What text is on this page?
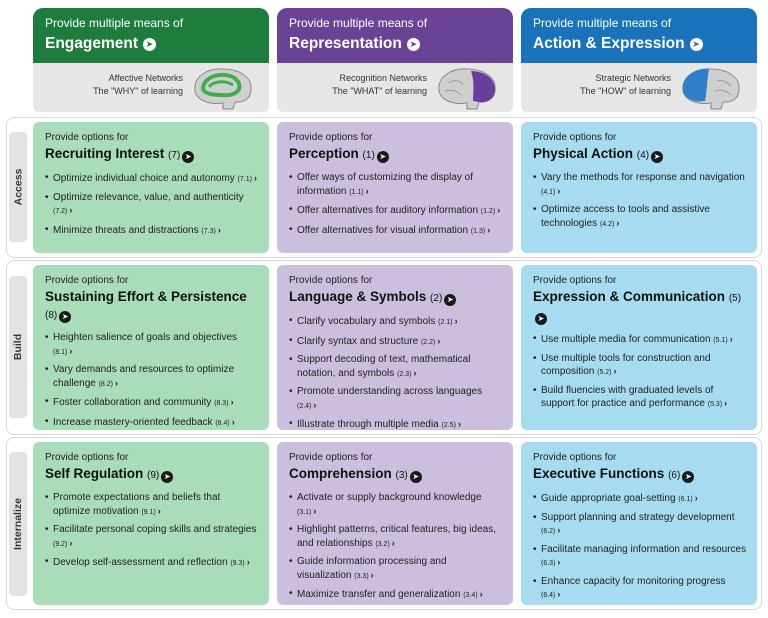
Provide multiple means of
Engagement ➤
Affective Networks
The "WHY" of learning
Provide multiple means of
Representation ➤
Recognition Networks
The "WHAT" of learning
Provide multiple means of
Action & Expression ➤
Strategic Networks
The "HOW" of learning
Access
Build
Internalize
Provide options for
Recruiting Interest (7) ➤
• Optimize individual choice and autonomy (7.1) ›
• Optimize relevance, value, and authenticity (7.2) ›
• Minimize threats and distractions (7.3) ›
Provide options for
Perception (1) ➤
• Offer ways of customizing the display of information (1.1) ›
• Offer alternatives for auditory information (1.2) ›
• Offer alternatives for visual information (1.3) ›
Provide options for
Physical Action (4) ➤
• Vary the methods for response and navigation (4.1) ›
• Optimize access to tools and assistive technologies (4.2) ›
Provide options for
Sustaining Effort & Persistence (8) ➤
• Heighten salience of goals and objectives (8.1) ›
• Vary demands and resources to optimize challenge (8.2) ›
• Foster collaboration and community (8.3) ›
• Increase mastery-oriented feedback (8.4) ›
Provide options for
Language & Symbols (2) ➤
• Clarify vocabulary and symbols (2.1) ›
• Clarify syntax and structure (2.2) ›
• Support decoding of text, mathematical notation, and symbols (2.3) ›
• Promote understanding across languages (2.4) ›
• Illustrate through multiple media (2.5) ›
Provide options for
Expression & Communication (5)➤
• Use multiple media for communication (5.1) ›
• Use multiple tools for construction and composition (5.2) ›
• Build fluencies with graduated levels of support for practice and performance (5.3) ›
Provide options for
Self Regulation (9) ➤
• Promote expectations and beliefs that optimize motivation (9.1) ›
• Facilitate personal coping skills and strategies (9.2) ›
• Develop self-assessment and reflection (9.3) ›
Provide options for
Comprehension (3) ➤
• Activate or supply background knowledge (3.1) ›
• Highlight patterns, critical features, big ideas, and relationships (3.2) ›
• Guide information processing and visualization (3.3) ›
• Maximize transfer and generalization (3.4) ›
Provide options for
Executive Functions (6) ➤
• Guide appropriate goal-setting (6.1) ›
• Support planning and strategy development (6.2) ›
• Facilitate managing information and resources (6.3) ›
• Enhance capacity for monitoring progress (6.4) ›
